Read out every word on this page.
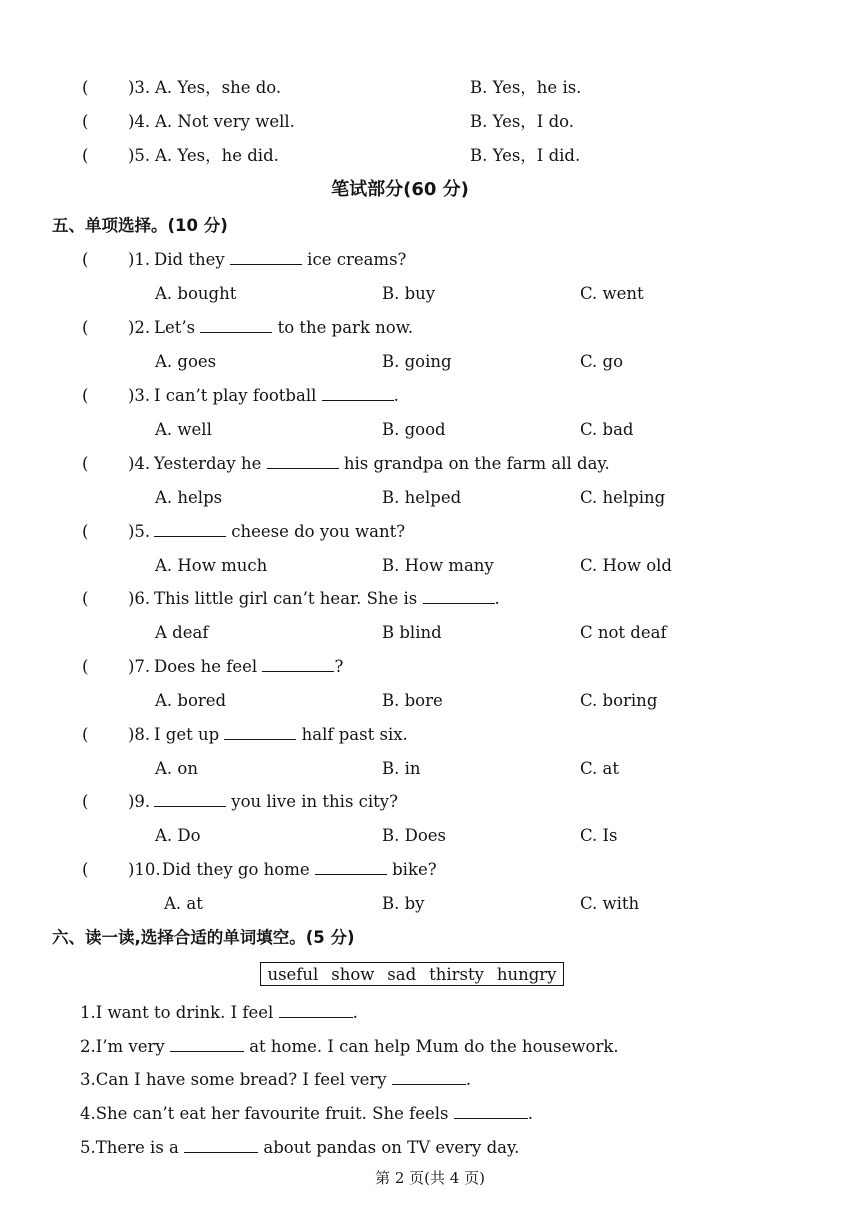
( )3. A. Yes，she do.	B. Yes，he is.
( )4. A. Not very well.	B. Yes，I do.
( )5. A. Yes，he did.	B. Yes，I did.
笔试部分(60 分)
五、单项选择。(10 分)
( )1. Did they	ice creams?
A. bought	B. buy	C. went
( )2. Let’s	to the park now.
A. goes	B. going	C. go
( )3. I can’t play football	.
A. well	B. good	C. bad
( )4. Yesterday he	his grandpa on the farm all day.
A. helps	B. helped	C. helping
( )5.	cheese do you want?
A. How much	B. How many	C. How old
( )6. This little girl can’t hear. She is	.
A deaf	B blind	C not deaf
( )7. Does he feel	?
A. bored	B. bore	C. boring
( )8. I get up	half past six.
A. on	B. in	C. at
( )9.	you live in this city?
A. Do	B. Does	C. Is
( )10. Did they go home	bike?
A. at	B. by	C. with
六、读一读,选择合适的单词填空。(5 分)
useful show sad thirsty hungry
1.I want to drink. I feel	.
2.I’m very	at home. I can help Mum do the housework.
3.Can I have some bread? I feel very	.
4.She can’t eat her favourite fruit. She feels	.
5.There is a	about pandas on TV every day.
第 2 页(共 4 页)
